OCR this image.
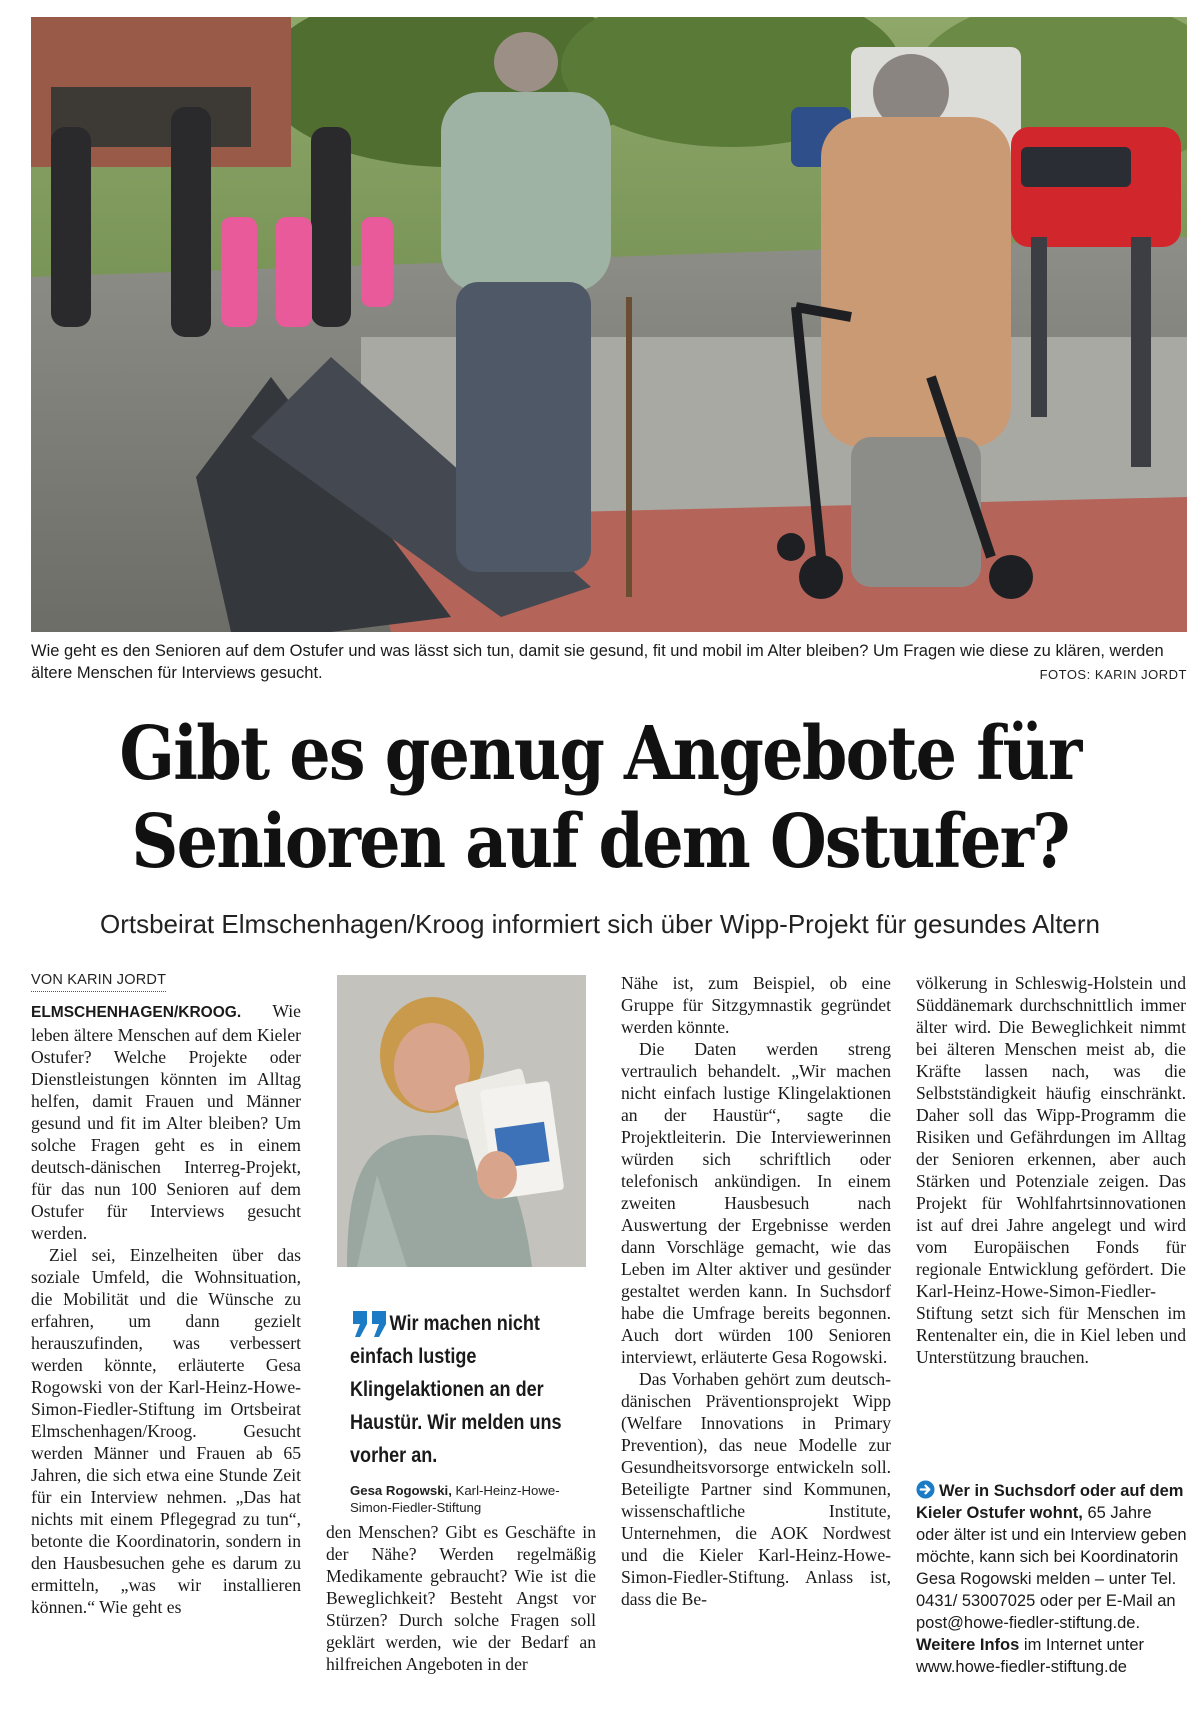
Wie geht es den Senioren auf dem Ostufer und was lässt sich tun, damit sie gesund, fit und mobil im Alter bleiben? Um Fragen wie diese zu klären, werden ältere Menschen für Interviews gesucht.	FOTOS: KARIN JORDT
Gibt es genug Angebote für
Senioren auf dem Ostufer?
Ortsbeirat Elmschenhagen/Kroog informiert sich über Wipp-Projekt für gesundes Altern
VON KARIN JORDT

ELMSCHENHAGEN/KROOG. Wie leben ältere Menschen auf dem Kieler Ostufer? Welche Projekte oder Dienstleistungen könnten im Alltag helfen, damit Frauen und Männer gesund und fit im Alter bleiben? Um solche Fragen geht es in einem deutsch-dänischen Interreg-Projekt, für das nun 100 Senioren auf dem Ostufer für Interviews gesucht werden.

Ziel sei, Einzelheiten über das soziale Umfeld, die Wohnsituation, die Mobilität und die Wünsche zu erfahren, um dann gezielt herauszufinden, was verbessert werden könnte, erläuterte Gesa Rogowski von der Karl-Heinz-Howe-Simon-Fiedler-Stiftung im Ortsbeirat Elmschenhagen/Kroog. Gesucht werden Männer und Frauen ab 65 Jahren, die sich etwa eine Stunde Zeit für ein Interview nehmen. „Das hat nichts mit einem Pflegegrad zu tun“, betonte die Koordinatorin, sondern in den Hausbesuchen gehe es darum zu ermitteln, „was wir installieren können.“ Wie geht es

Wir machen nicht einfach lustige Klingelaktionen an der Haustür. Wir melden uns vorher an.
Gesa Rogowski, Karl-Heinz-Howe-Simon-Fiedler-Stiftung

den Menschen? Gibt es Geschäfte in der Nähe? Werden regelmäßig Medikamente gebraucht? Wie ist die Beweglichkeit? Besteht Angst vor Stürzen? Durch solche Fragen soll geklärt werden, wie der Bedarf an hilfreichen Angeboten in der

Nähe ist, zum Beispiel, ob eine Gruppe für Sitzgymnastik gegründet werden könnte.

Die Daten werden streng vertraulich behandelt. „Wir machen nicht einfach lustige Klingelaktionen an der Haustür“, sagte die Projektleiterin. Die Interviewerinnen würden sich schriftlich oder telefonisch ankündigen. In einem zweiten Hausbesuch nach Auswertung der Ergebnisse werden dann Vorschläge gemacht, wie das Leben im Alter aktiver und gesünder gestaltet werden kann. In Suchsdorf habe die Umfrage bereits begonnen. Auch dort würden 100 Senioren interviewt, erläuterte Gesa Rogowski.

Das Vorhaben gehört zum deutsch-dänischen Präventionsprojekt Wipp (Welfare Innovations in Primary Prevention), das neue Modelle zur Gesundheitsvorsorge entwickeln soll. Beteiligte Partner sind Kommunen, wissenschaftliche Institute, Unternehmen, die AOK Nordwest und die Kieler Karl-Heinz-Howe-Simon-Fiedler-Stiftung. Anlass ist, dass die Be-

völkerung in Schleswig-Holstein und Süddänemark durchschnittlich immer älter wird. Die Beweglichkeit nimmt bei älteren Menschen meist ab, die Kräfte lassen nach, was die Selbstständigkeit häufig einschränkt. Daher soll das Wipp-Programm die Risiken und Gefährdungen im Alltag der Senioren erkennen, aber auch Stärken und Potenziale zeigen. Das Projekt für Wohlfahrtsinnovationen ist auf drei Jahre angelegt und wird vom Europäischen Fonds für regionale Entwicklung gefördert. Die Karl-Heinz-Howe-Simon-Fiedler-Stiftung setzt sich für Menschen im Rentenalter ein, die in Kiel leben und Unterstützung brauchen.

Wer in Suchsdorf oder auf dem Kieler Ostufer wohnt, 65 Jahre oder älter ist und ein Interview geben möchte, kann sich bei Koordinatorin Gesa Rogowski melden – unter Tel. 0431/ 53007025 oder per E-Mail an post@howe-fiedler-stiftung.de. Weitere Infos im Internet unter www.howe-fiedler-stiftung.de
